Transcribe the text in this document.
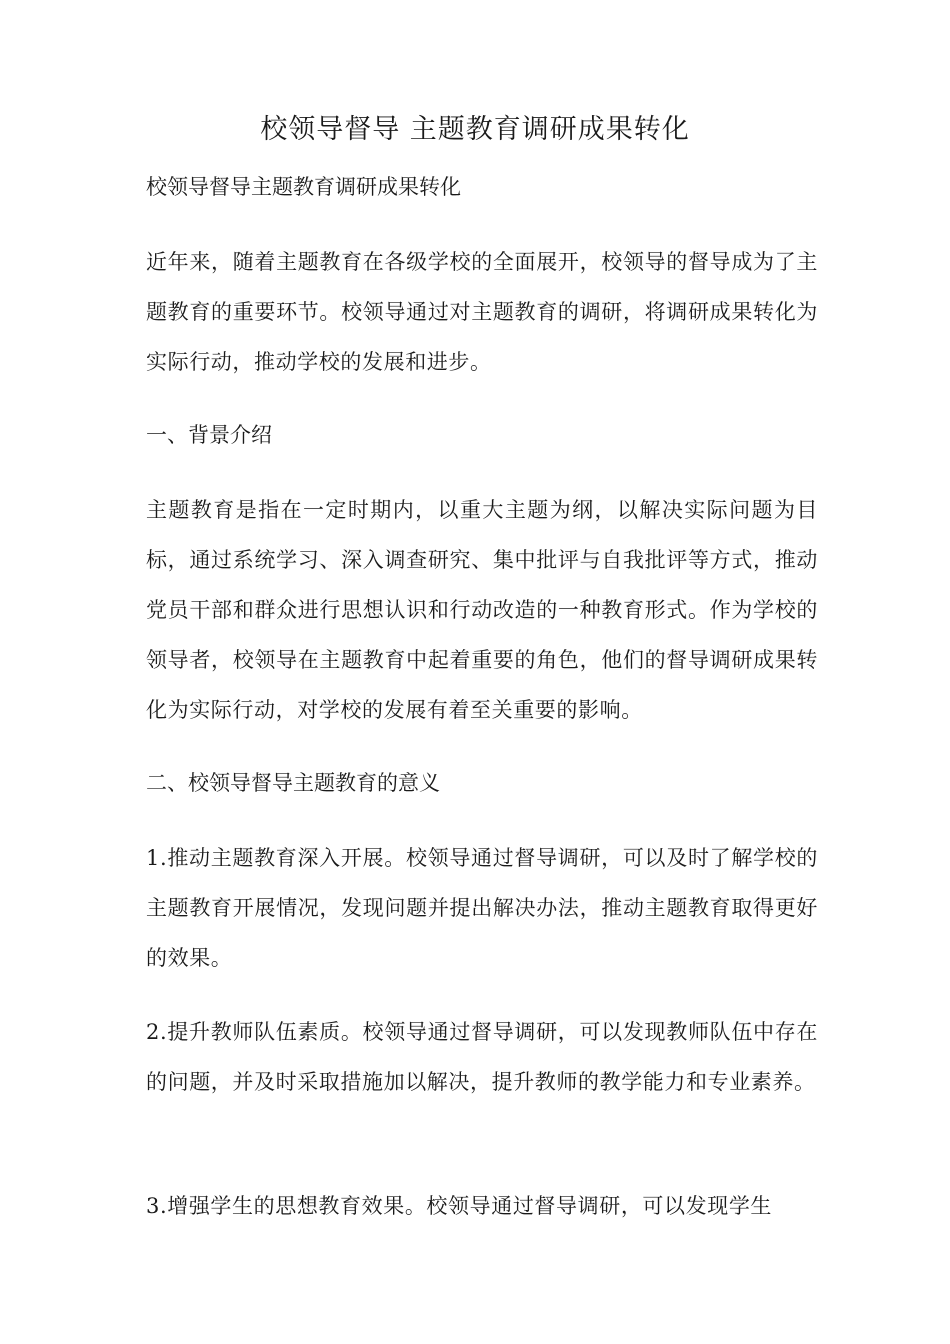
校领导督导 主题教育调研成果转化

校领导督导主题教育调研成果转化

近年来，随着主题教育在各级学校的全面展开，校领导的督导成为了主题教育的重要环节。校领导通过对主题教育的调研，将调研成果转化为实际行动，推动学校的发展和进步。

一、背景介绍

主题教育是指在一定时期内，以重大主题为纲，以解决实际问题为目标，通过系统学习、深入调查研究、集中批评与自我批评等方式，推动党员干部和群众进行思想认识和行动改造的一种教育形式。作为学校的领导者，校领导在主题教育中起着重要的角色，他们的督导调研成果转化为实际行动，对学校的发展有着至关重要的影响。

二、校领导督导主题教育的意义

1.推动主题教育深入开展。校领导通过督导调研，可以及时了解学校的主题教育开展情况，发现问题并提出解决办法，推动主题教育取得更好的效果。

2.提升教师队伍素质。校领导通过督导调研，可以发现教师队伍中存在的问题，并及时采取措施加以解决，提升教师的教学能力和专业素养。

3.增强学生的思想教育效果。校领导通过督导调研，可以发现学生
